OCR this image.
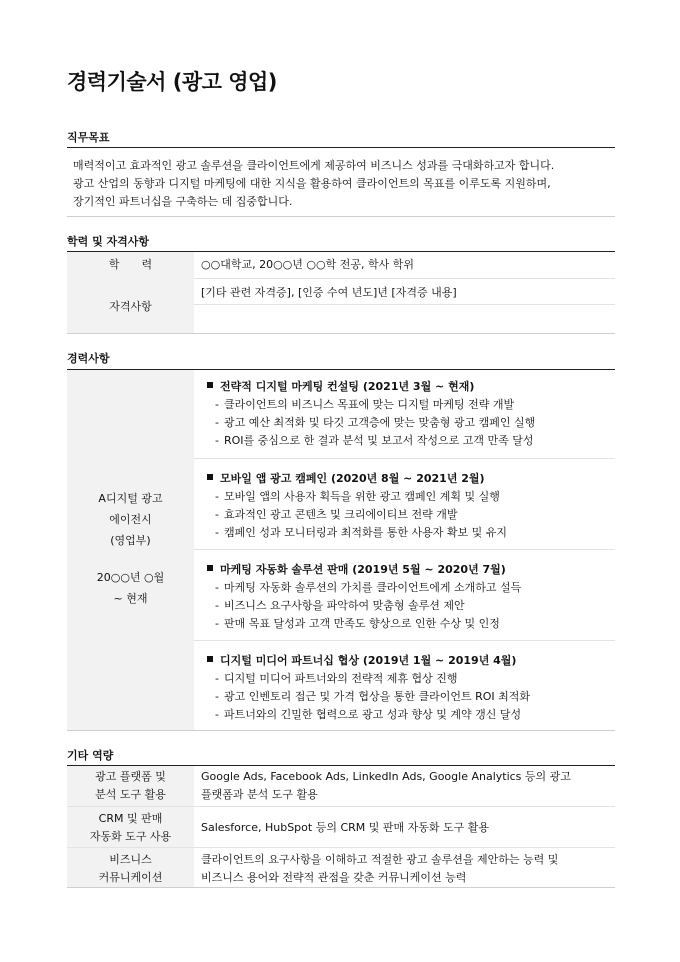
경력기술서 (광고 영업)
직무목표
매력적이고 효과적인 광고 솔루션을 클라이언트에게 제공하여 비즈니스 성과를 극대화하고자 합니다.
광고 산업의 동향과 디지털 마케팅에 대한 지식을 활용하여 클라이언트의 목표를 이루도록 지원하며,
장기적인 파트너십을 구축하는 데 집중합니다.
학력 및 자격사항
학　　력	○○대학교, 20○○년 ○○학 전공, 학사 학위
자격사항
[기타 관련 자격증], [인증 수여 년도]년 [자격증 내용]
경력사항
A디지털 광고
에이전시
(영업부)
20○○년 ○월
~ 현재
전략적 디지털 마케팅 컨설팅 (2021년 3월 ~ 현재)
- 클라이언트의 비즈니스 목표에 맞는 디지털 마케팅 전략 개발
- 광고 예산 최적화 및 타깃 고객층에 맞는 맞춤형 광고 캠페인 실행
- ROI를 중심으로 한 결과 분석 및 보고서 작성으로 고객 만족 달성
모바일 앱 광고 캠페인 (2020년 8월 ~ 2021년 2월)
- 모바일 앱의 사용자 획득을 위한 광고 캠페인 계획 및 실행
- 효과적인 광고 콘텐츠 및 크리에이티브 전략 개발
- 캠페인 성과 모니터링과 최적화를 통한 사용자 확보 및 유지
마케팅 자동화 솔루션 판매 (2019년 5월 ~ 2020년 7월)
- 마케팅 자동화 솔루션의 가치를 클라이언트에게 소개하고 설득
- 비즈니스 요구사항을 파악하여 맞춤형 솔루션 제안
- 판매 목표 달성과 고객 만족도 향상으로 인한 수상 및 인정
디지털 미디어 파트너십 협상 (2019년 1월 ~ 2019년 4월)
- 디지털 미디어 파트너와의 전략적 제휴 협상 진행
- 광고 인벤토리 접근 및 가격 협상을 통한 클라이언트 ROI 최적화
- 파트너와의 긴밀한 협력으로 광고 성과 향상 및 계약 갱신 달성
기타 역량
광고 플랫폼 및
분석 도구 활용
Google Ads, Facebook Ads, LinkedIn Ads, Google Analytics 등의 광고
플랫폼과 분석 도구 활용
CRM 및 판매
자동화 도구 사용
Salesforce, HubSpot 등의 CRM 및 판매 자동화 도구 활용
비즈니스
커뮤니케이션
클라이언트의 요구사항을 이해하고 적절한 광고 솔루션을 제안하는 능력 및
비즈니스 용어와 전략적 관점을 갖춘 커뮤니케이션 능력
